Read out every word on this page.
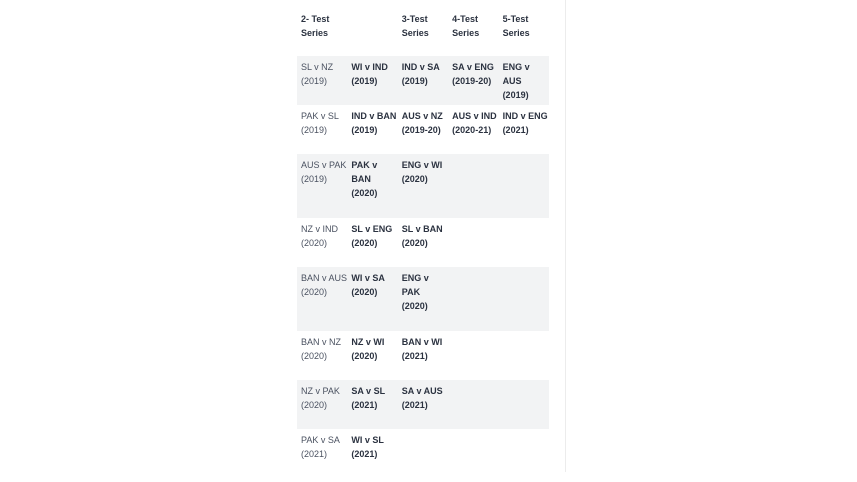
2- Test
Series		3-Test
Series	4-Test
Series	5-Test
Series
SL v NZ
(2019)	WI v IND
(2019)	IND v SA
(2019)	SA v ENG
(2019-20)	ENG v
AUS (2019)
PAK v SL
(2019)	IND v BAN
(2019)	AUS v NZ
(2019-20)	AUS v IND
(2020-21)	IND v ENG
(2021)
AUS v PAK
(2019)	PAK v
BAN
(2020)	ENG v WI
(2020)		
NZ v IND
(2020)	SL v ENG
(2020)	SL v BAN
(2020)		
BAN v AUS
(2020)	WI v SA
(2020)	ENG v
PAK
(2020)		
BAN v NZ
(2020)	NZ v WI
(2020)	BAN v WI
(2021)		
NZ v PAK
(2020)	SA v SL
(2021)	SA v AUS
(2021)		
PAK v SA
(2021)	WI v SL
(2021)			
